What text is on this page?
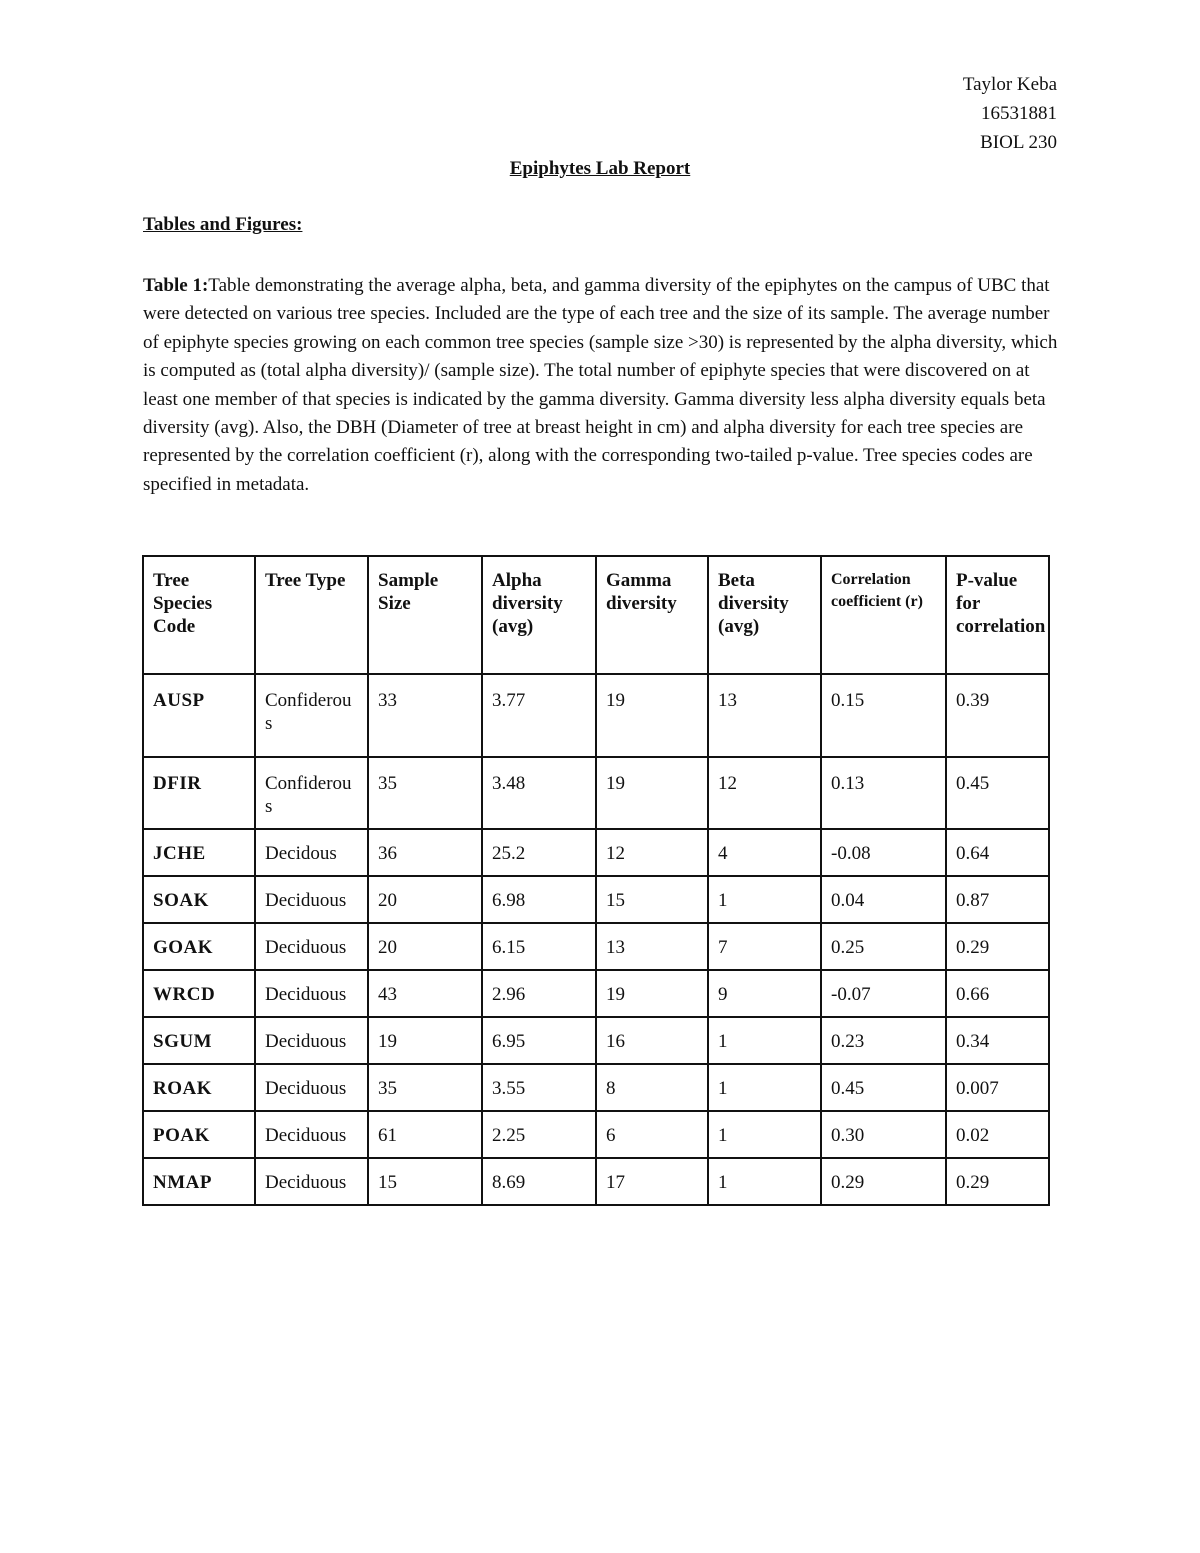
Taylor Keba
16531881
BIOL 230
Epiphytes Lab Report
Tables and Figures:
Table 1:Table demonstrating the average alpha, beta, and gamma diversity of the epiphytes on the campus of UBC that were detected on various tree species. Included are the type of each tree and the size of its sample. The average number of epiphyte species growing on each common tree species (sample size >30) is represented by the alpha diversity, which is computed as (total alpha diversity)/ (sample size). The total number of epiphyte species that were discovered on at least one member of that species is indicated by the gamma diversity. Gamma diversity less alpha diversity equals beta diversity (avg). Also, the DBH (Diameter of tree at breast height in cm) and alpha diversity for each tree species are represented by the correlation coefficient (r), along with the corresponding two-tailed p-value. Tree species codes are specified in metadata.
Tree Species Code	Tree Type	Sample Size	Alpha diversity (avg)	Gamma diversity	Beta diversity (avg)	Correlation coefficient (r)	P-value for correlation
AUSP	Confiderous	33	3.77	19	13	0.15	0.39
DFIR	Confiderous	35	3.48	19	12	0.13	0.45
JCHE	Decidous	36	25.2	12	4	-0.08	0.64
SOAK	Deciduous	20	6.98	15	1	0.04	0.87
GOAK	Deciduous	20	6.15	13	7	0.25	0.29
WRCD	Deciduous	43	2.96	19	9	-0.07	0.66
SGUM	Deciduous	19	6.95	16	1	0.23	0.34
ROAK	Deciduous	35	3.55	8	1	0.45	0.007
POAK	Deciduous	61	2.25	6	1	0.30	0.02
NMAP	Deciduous	15	8.69	17	1	0.29	0.29
